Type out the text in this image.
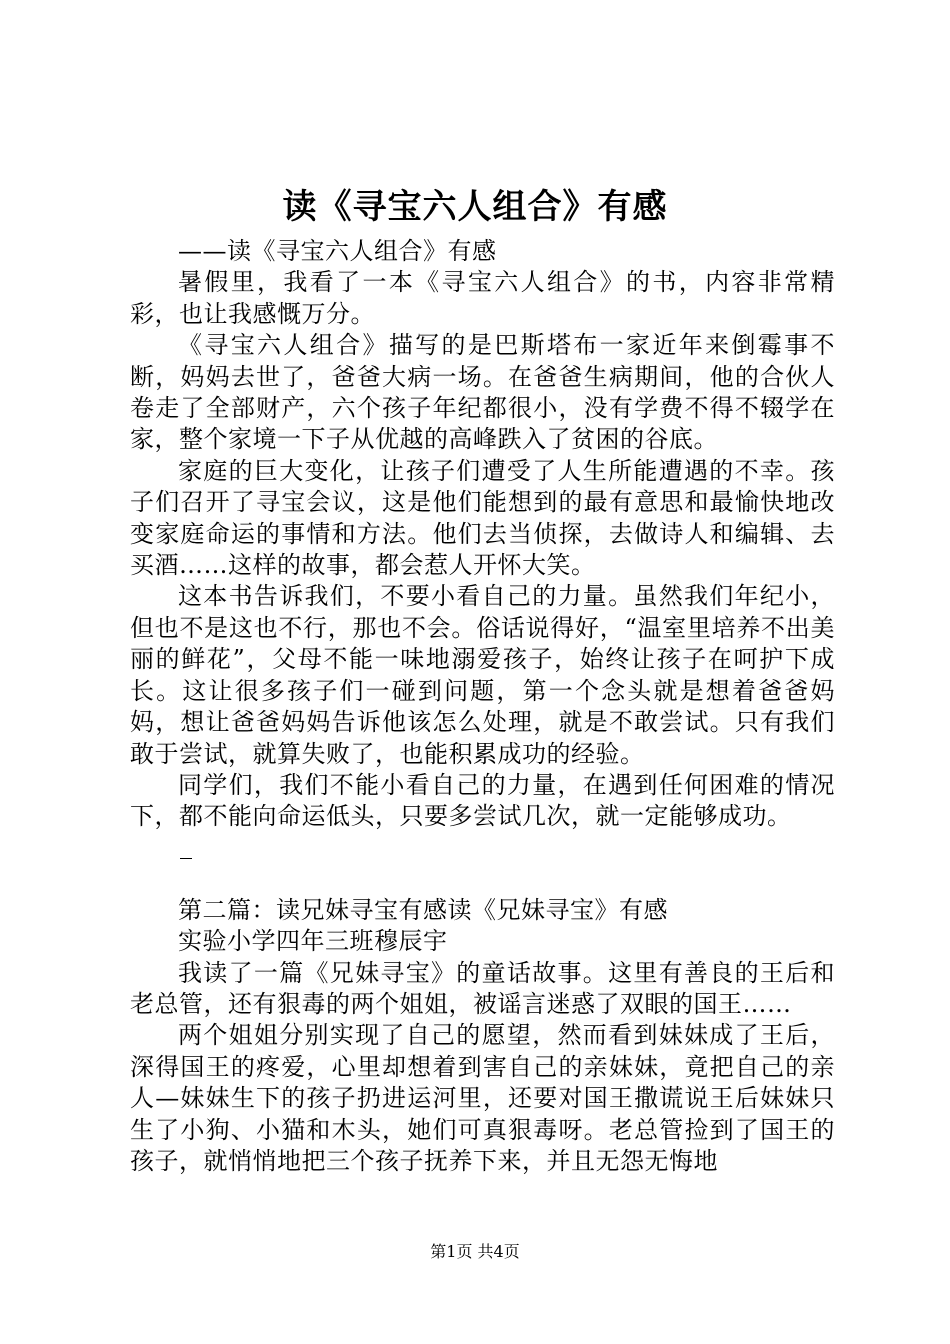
读《寻宝六人组合》有感

——读《寻宝六人组合》有感

暑假里，我看了一本《寻宝六人组合》的书，内容非常精彩，也让我感慨万分。

《寻宝六人组合》描写的是巴斯塔布一家近年来倒霉事不断，妈妈去世了，爸爸大病一场。在爸爸生病期间，他的合伙人卷走了全部财产，六个孩子年纪都很小，没有学费不得不辍学在家，整个家境一下子从优越的高峰跌入了贫困的谷底。

家庭的巨大变化，让孩子们遭受了人生所能遭遇的不幸。孩子们召开了寻宝会议，这是他们能想到的最有意思和最愉快地改变家庭命运的事情和方法。他们去当侦探，去做诗人和编辑、去买酒……这样的故事，都会惹人开怀大笑。

这本书告诉我们，不要小看自己的力量。虽然我们年纪小，但也不是这也不行，那也不会。俗话说得好，“温室里培养不出美丽的鲜花”，父母不能一味地溺爱孩子，始终让孩子在呵护下成长。这让很多孩子们一碰到问题，第一个念头就是想着爸爸妈妈，想让爸爸妈妈告诉他该怎么处理，就是不敢尝试。只有我们敢于尝试，就算失败了，也能积累成功的经验。

同学们，我们不能小看自己的力量，在遇到任何困难的情况下，都不能向命运低头，只要多尝试几次，就一定能够成功。

第二篇：读兄妹寻宝有感读《兄妹寻宝》有感

实验小学四年三班穆辰宇

我读了一篇《兄妹寻宝》的童话故事。这里有善良的王后和老总管，还有狠毒的两个姐姐，被谣言迷惑了双眼的国王……

两个姐姐分别实现了自己的愿望，然而看到妹妹成了王后，深得国王的疼爱，心里却想着到害自己的亲妹妹，竟把自己的亲人—妹妹生下的孩子扔进运河里，还要对国王撒谎说王后妹妹只生了小狗、小猫和木头，她们可真狠毒呀。老总管捡到了国王的孩子，就悄悄地把三个孩子抚养下来，并且无怨无悔地

第1页 共4页
